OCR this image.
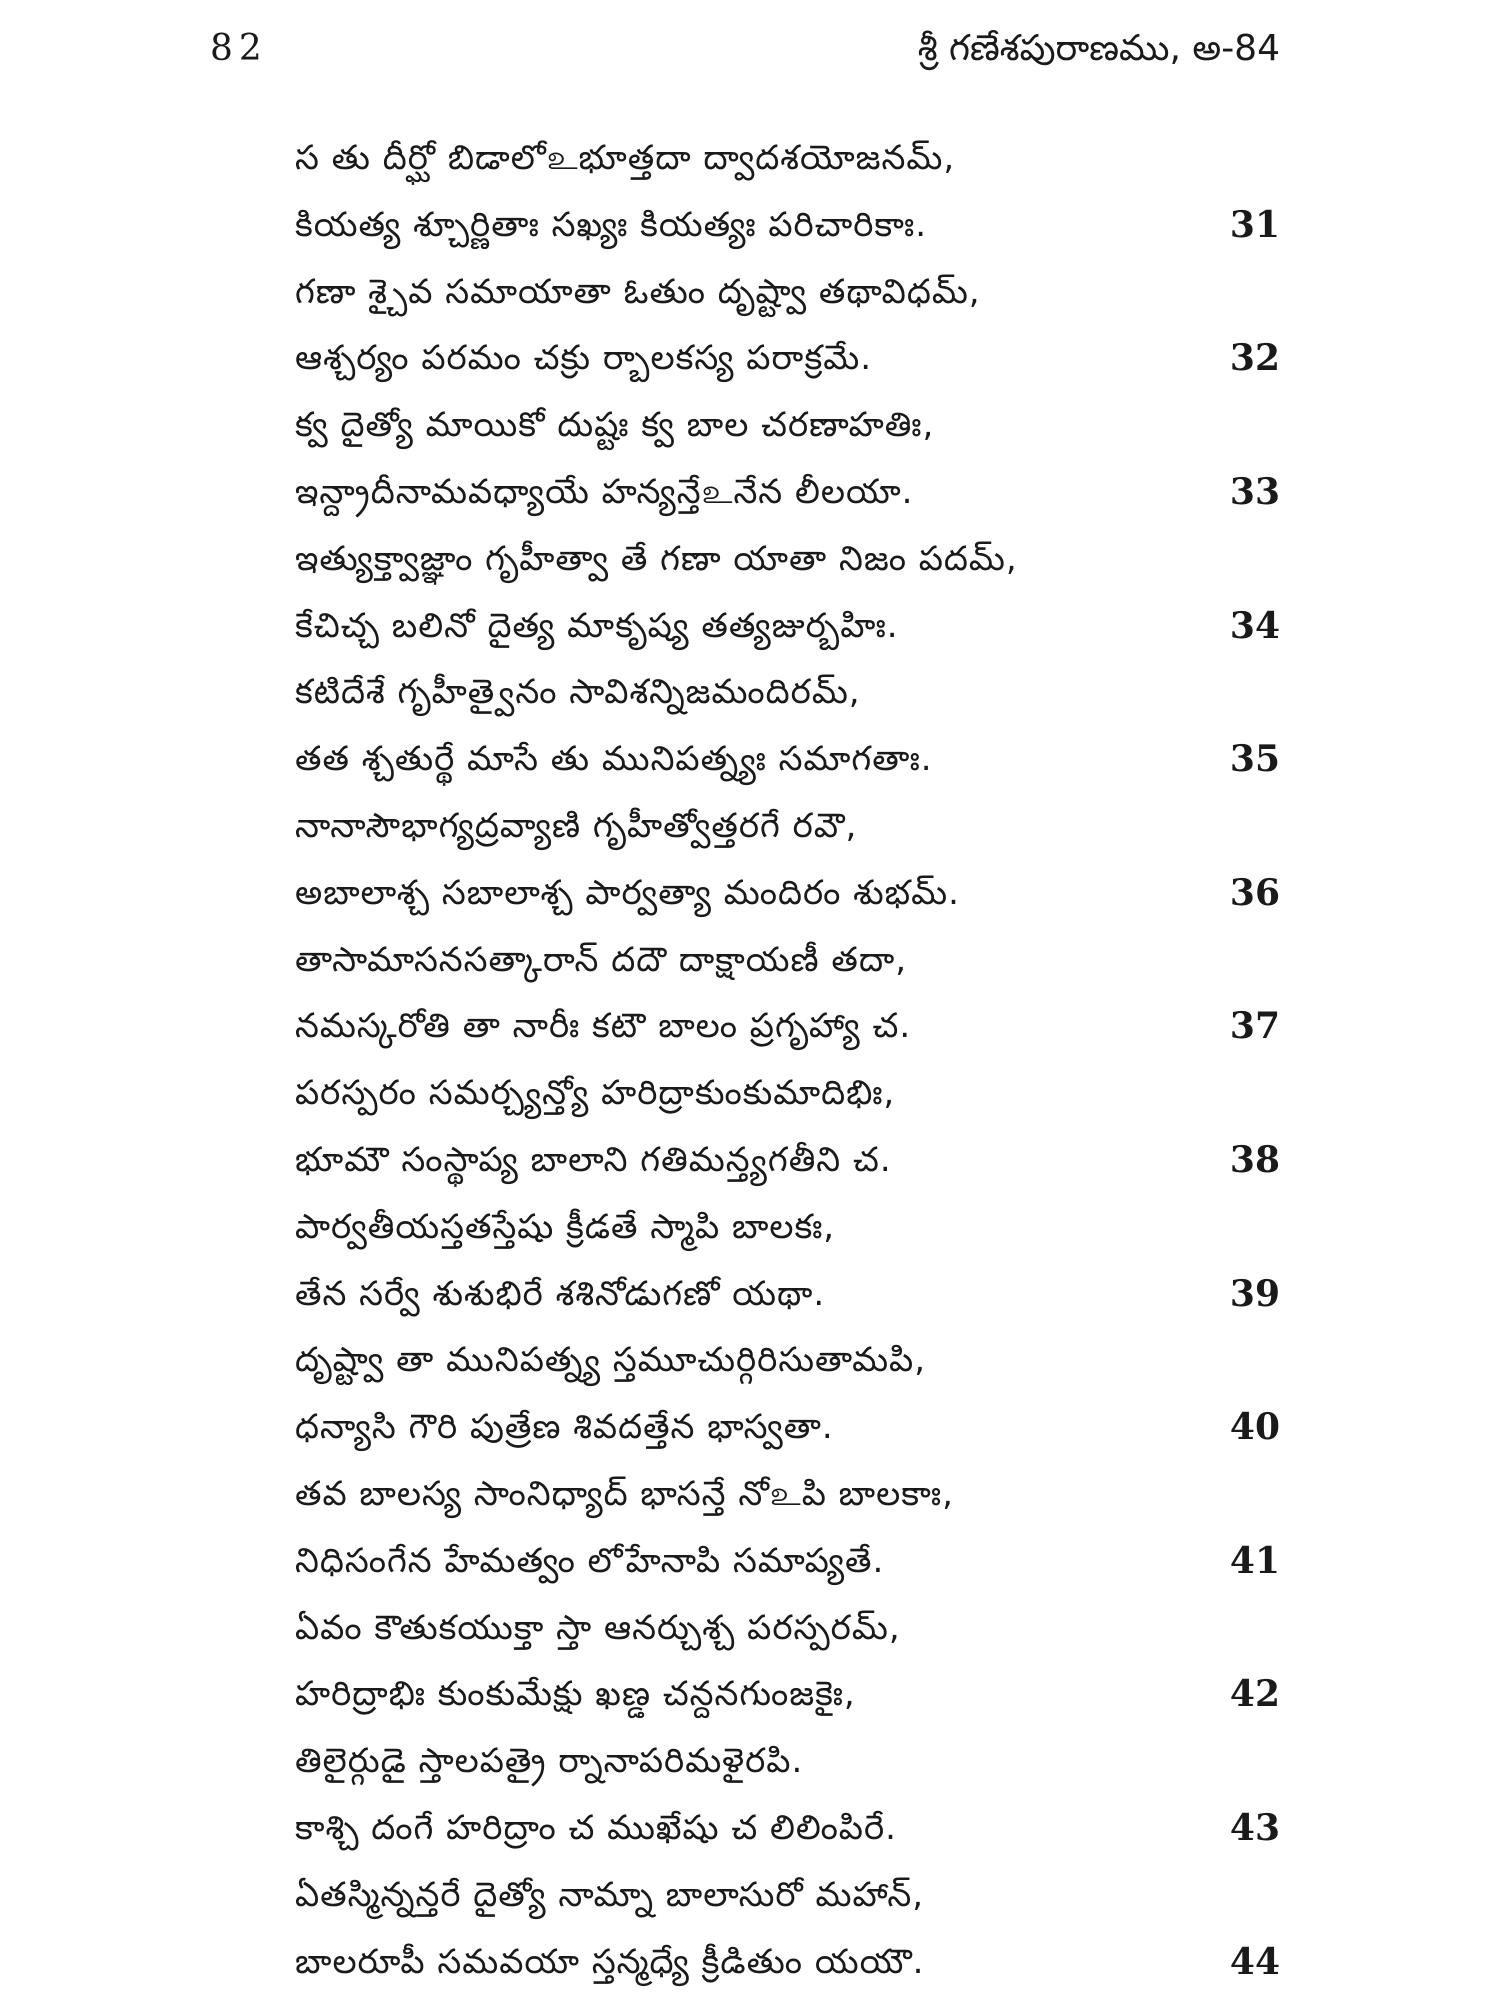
82	శ్రీ గణేశపురాణము, అ-84
స తు దీర్ఘో బిడాలోஉభూత్తదా ద్వాదశయోజనమ్,
కియత్య శ్చూర్ణితాః సఖ్యః కియత్యః పరిచారికాః.	31
గణా శ్చైవ సమాయాతా ఓతుం దృష్ట్వా తథావిధమ్,
ఆశ్చర్యం పరమం చక్రు ర్బాలకస్య పరాక్రమే.	32
క్వ దైత్యో మాయికో దుష్టః క్వ బాల చరణాహతిః,
ఇన్ద్రాదీనామవధ్యాయే హన్యన్తేஉనేన లీలయా.	33
ఇత్యుక్త్వాజ్ఞాం గృహీత్వా తే గణా యాతా నిజం పదమ్,
కేచిచ్చ బలినో దైత్య మాకృష్య తత్యజుర్బహిః.	34
కటిదేశే గృహీత్వైనం సావిశన్నిజమందిరమ్,
తత శ్చతుర్థే మాసే తు మునిపత్న్యః సమాగతాః.	35
నానాసౌభాగ్యద్రవ్యాణి గృహీత్వోత్తరగే రవౌ,
అబాలాశ్చ సబాలాశ్చ పార్వత్యా మందిరం శుభమ్.	36
తాసామాసనసత్కారాన్ దదౌ దాక్షాయణీ తదా,
నమస్కరోతి తా నారీః కటౌ బాలం ప్రగృహ్యా చ.	37
పరస్పరం సమర్చ్యన్త్యో హరిద్రాకుంకుమాదిభిః,
భూమౌ సంస్థాప్య బాలాని గతిమన్త్యగతీని చ.	38
పార్వతీయస్తతస్తేషు క్రీడతే స్మాపి బాలకః,
తేన సర్వే శుశుభిరే శశినోడుగణో యథా.	39
దృష్ట్వా తా మునిపత్న్య స్తమూచుర్గిరిసుతామపి,
ధన్యాసి గౌరి పుత్రేణ శివదత్తేన భాస్వతా.	40
తవ బాలస్య సాంనిధ్యాద్ భాసన్తే నోஉపి బాలకాః,
నిధిసంగేన హేమత్వం లోహేనాపి సమాప్యతే.	41
ఏవం కౌతుకయుక్తా స్తా ఆనర్చుశ్చ పరస్పరమ్,
హరిద్రాభిః కుంకుమేక్షు ఖణ్డ చన్దనగుంజకైః,	42
తిలైర్గుడై స్తాలపత్రై ర్నానాపరిమళైరపి.
కాశ్చి దంగే హరిద్రాం చ ముఖేషు చ లిలింపిరే.	43
ఏతస్మిన్నన్తరే దైత్యో నామ్నా బాలాసురో మహాన్,
బాలరూపీ సమవయా స్తన్మధ్యే క్రీడితుం యయౌ.	44
